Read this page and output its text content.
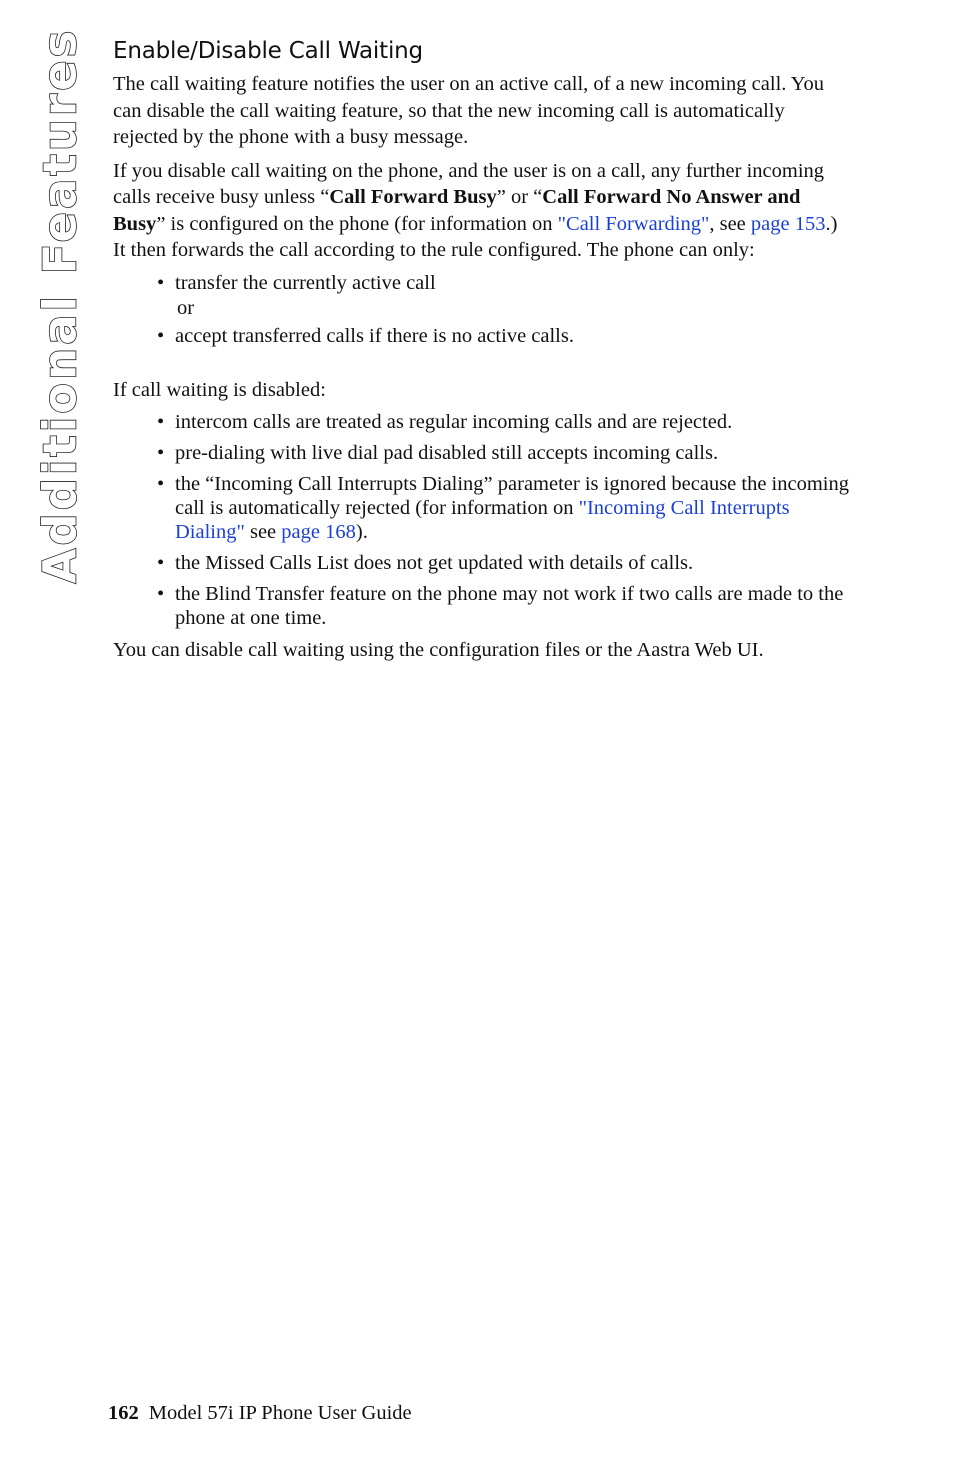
Additional Features Enable/Disable Call Waiting

The call waiting feature notifies the user on an active call, of a new incoming call. You can disable the call waiting feature, so that the new incoming call is automatically rejected by the phone with a busy message.

If you disable call waiting on the phone, and the user is on a call, any further incoming calls receive busy unless “Call Forward Busy” or “Call Forward No Answer and Busy” is configured on the phone (for information on "Call Forwarding", see page 153.) It then forwards the call according to the rule configured. The phone can only:

• transfer the currently active call
or
• accept transferred calls if there is no active calls.

If call waiting is disabled:

• intercom calls are treated as regular incoming calls and are rejected.
• pre-dialing with live dial pad disabled still accepts incoming calls.
• the “Incoming Call Interrupts Dialing” parameter is ignored because the incoming call is automatically rejected (for information on "Incoming Call Interrupts Dialing" see page 168).
• the Missed Calls List does not get updated with details of calls.
• the Blind Transfer feature on the phone may not work if two calls are made to the phone at one time.

You can disable call waiting using the configuration files or the Aastra Web UI.

162 Model 57i IP Phone User Guide
